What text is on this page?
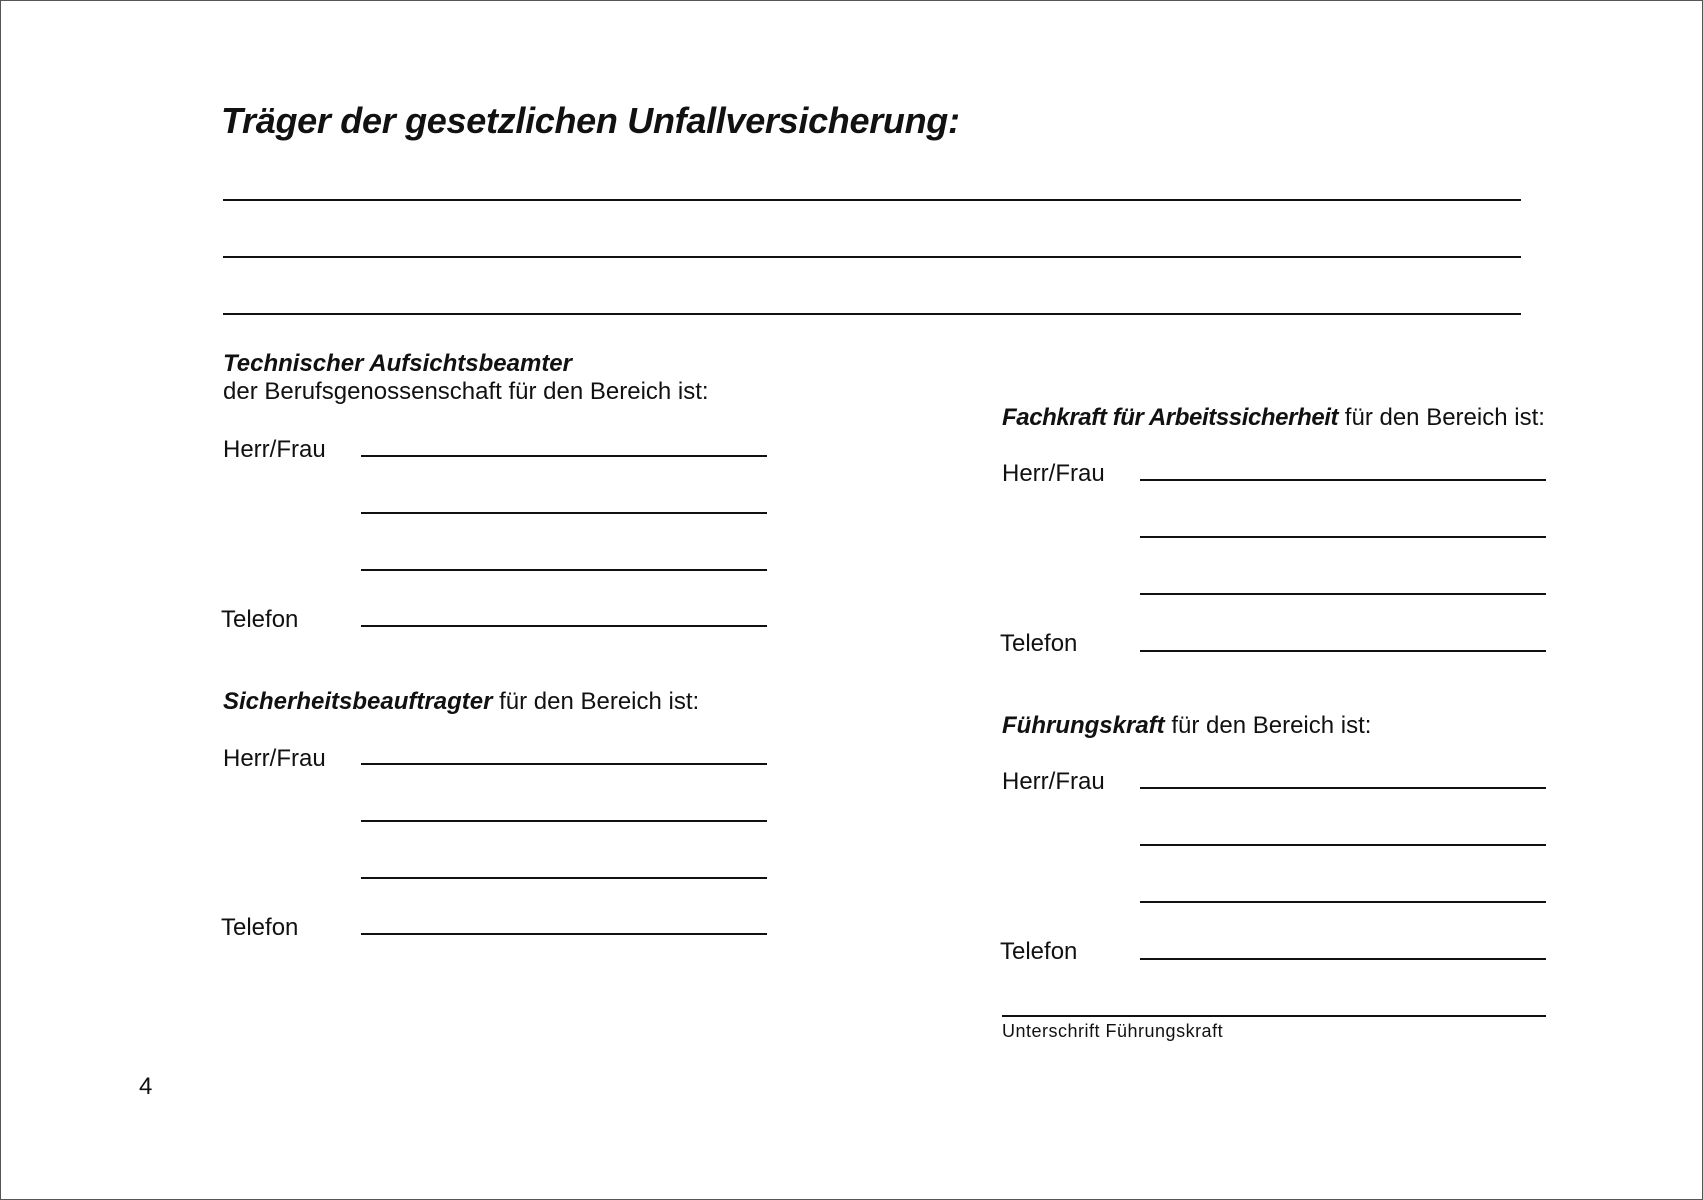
Träger der gesetzlichen Unfallversicherung:
Technischer Aufsichtsbeamter
der Berufsgenossenschaft für den Bereich ist:
Herr/Frau
Telefon
Sicherheitsbeauftragter für den Bereich ist:
Herr/Frau
Telefon
Fachkraft für Arbeitssicherheit für den Bereich ist:
Herr/Frau
Telefon
Führungskraft für den Bereich ist:
Herr/Frau
Telefon
Unterschrift Führungskraft
4
